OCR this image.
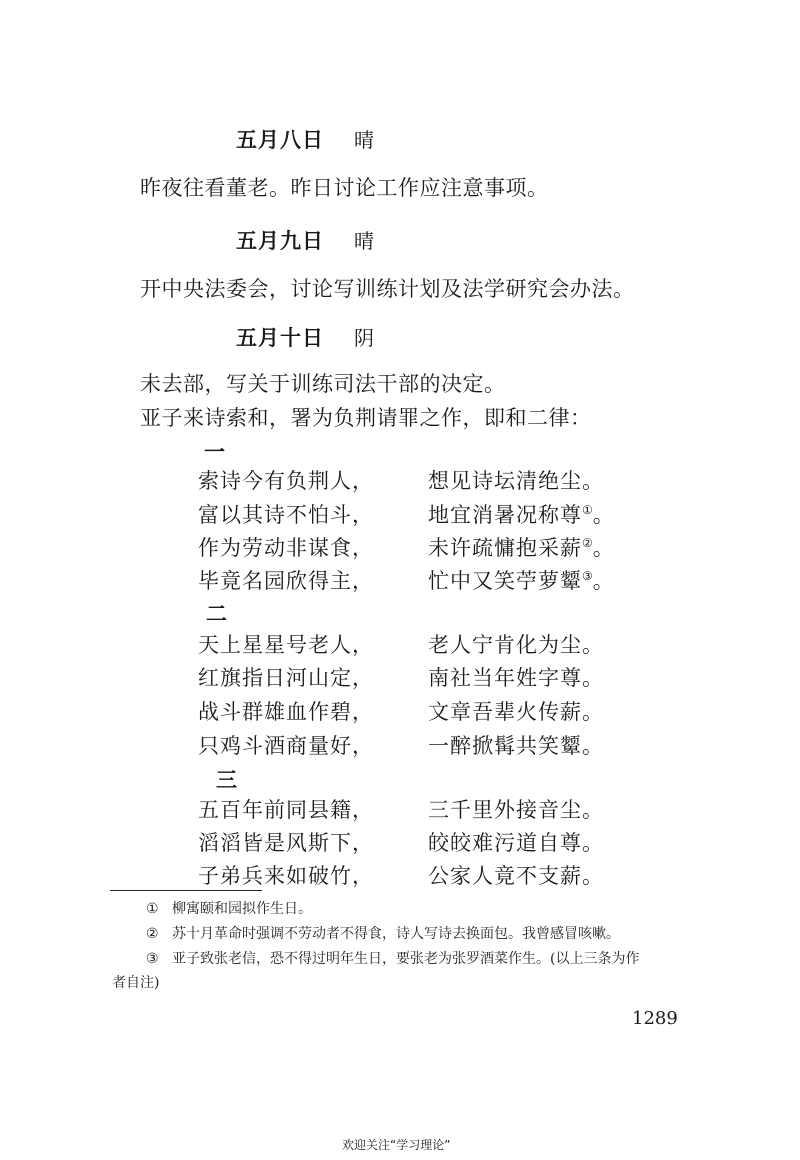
五月八日 晴
昨夜往看董老。昨日讨论工作应注意事项。
五月九日 晴
开中央法委会，讨论写训练计划及法学研究会办法。
五月十日 阴
未去部，写关于训练司法干部的决定。
亚子来诗索和，署为负荆请罪之作，即和二律：
一
索诗今有负荆人，	想见诗坛清绝尘。
富以其诗不怕斗，	地宜消暑况称尊①。
作为劳动非谋食，	未许疏慵抱采薪②。
毕竟名园欣得主，	忙中又笑苧萝颦③。
二
天上星星号老人，	老人宁肯化为尘。
红旗指日河山定，	南社当年姓字尊。
战斗群雄血作碧，	文章吾辈火传薪。
只鸡斗酒商量好，	一醉掀髯共笑颦。
三
五百年前同县籍，	三千里外接音尘。
滔滔皆是风斯下，	皎皎难污道自尊。
子弟兵来如破竹，	公家人竟不支薪。
① 柳寓颐和园拟作生日。
② 苏十月革命时强调不劳动者不得食，诗人写诗去换面包。我曾感冒咳嗽。
③ 亚子致张老信，恐不得过明年生日，要张老为张罗酒菜作生。(以上三条为作
者自注)
1289
欢迎关注“学习理论”
